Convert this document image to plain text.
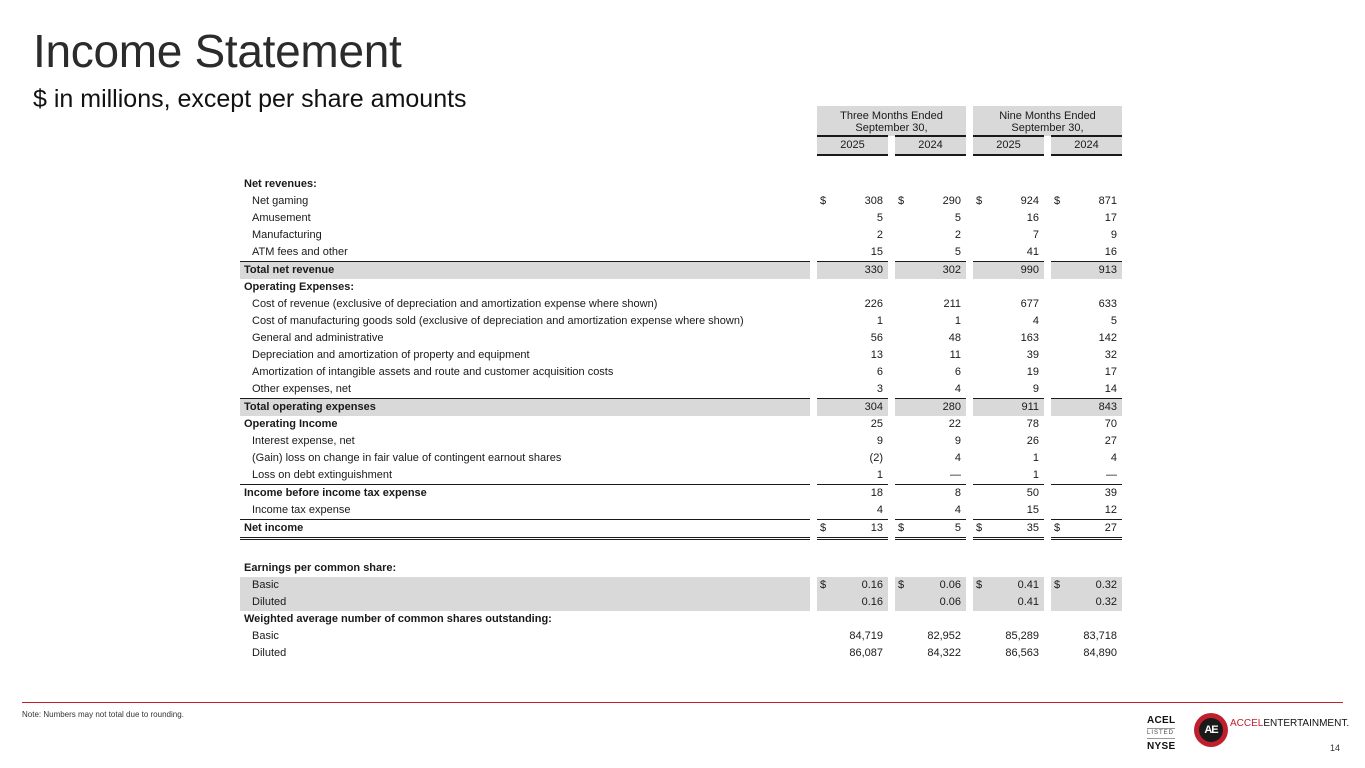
Income Statement
$ in millions, except per share amounts

		Three Months Ended
September 30,				Nine Months Ended
September 30,		

		2025		2024		2025		2024

Net revenues:								
Net gaming		$ 308		$ 290		$ 924		$ 871
Amusement		5		5		16		17
Manufacturing		2		2		7		9
ATM fees and other		15		5		41		16
Total net revenue		330		302		990		913
Operating Expenses:								
Cost of revenue (exclusive of depreciation and amortization expense where shown)		226		211		677		633
Cost of manufacturing goods sold (exclusive of depreciation and amortization expense where shown)		1		1		4		5
General and administrative		56		48		163		142
Depreciation and amortization of property and equipment		13		11		39		32
Amortization of intangible assets and route and customer acquisition costs		6		6		19		17
Other expenses, net		3		4		9		14
Total operating expenses		304		280		911		843
Operating Income		25		22		78		70
Interest expense, net		9		9		26		27
(Gain) loss on change in fair value of contingent earnout shares		(2)		4		1		4
Loss on debt extinguishment		1		—		1		—
Income before income tax expense		18		8		50		39
Income tax expense		4		4		15		12
Net income		$ 13		$ 5		$ 35		$ 27

Earnings per common share:								
Basic		$ 0.16		$ 0.06		$ 0.41		$ 0.32
Diluted		0.16		0.06		0.41		0.32
Weighted average number of common shares outstanding:								
Basic		84,719		82,952		85,289		83,718
Diluted		86,087		84,322		86,563		84,890
Note: Numbers may not total due to rounding.
ACEL
LISTED
NYSE
AE
ACCELENTERTAINMENT.
14
